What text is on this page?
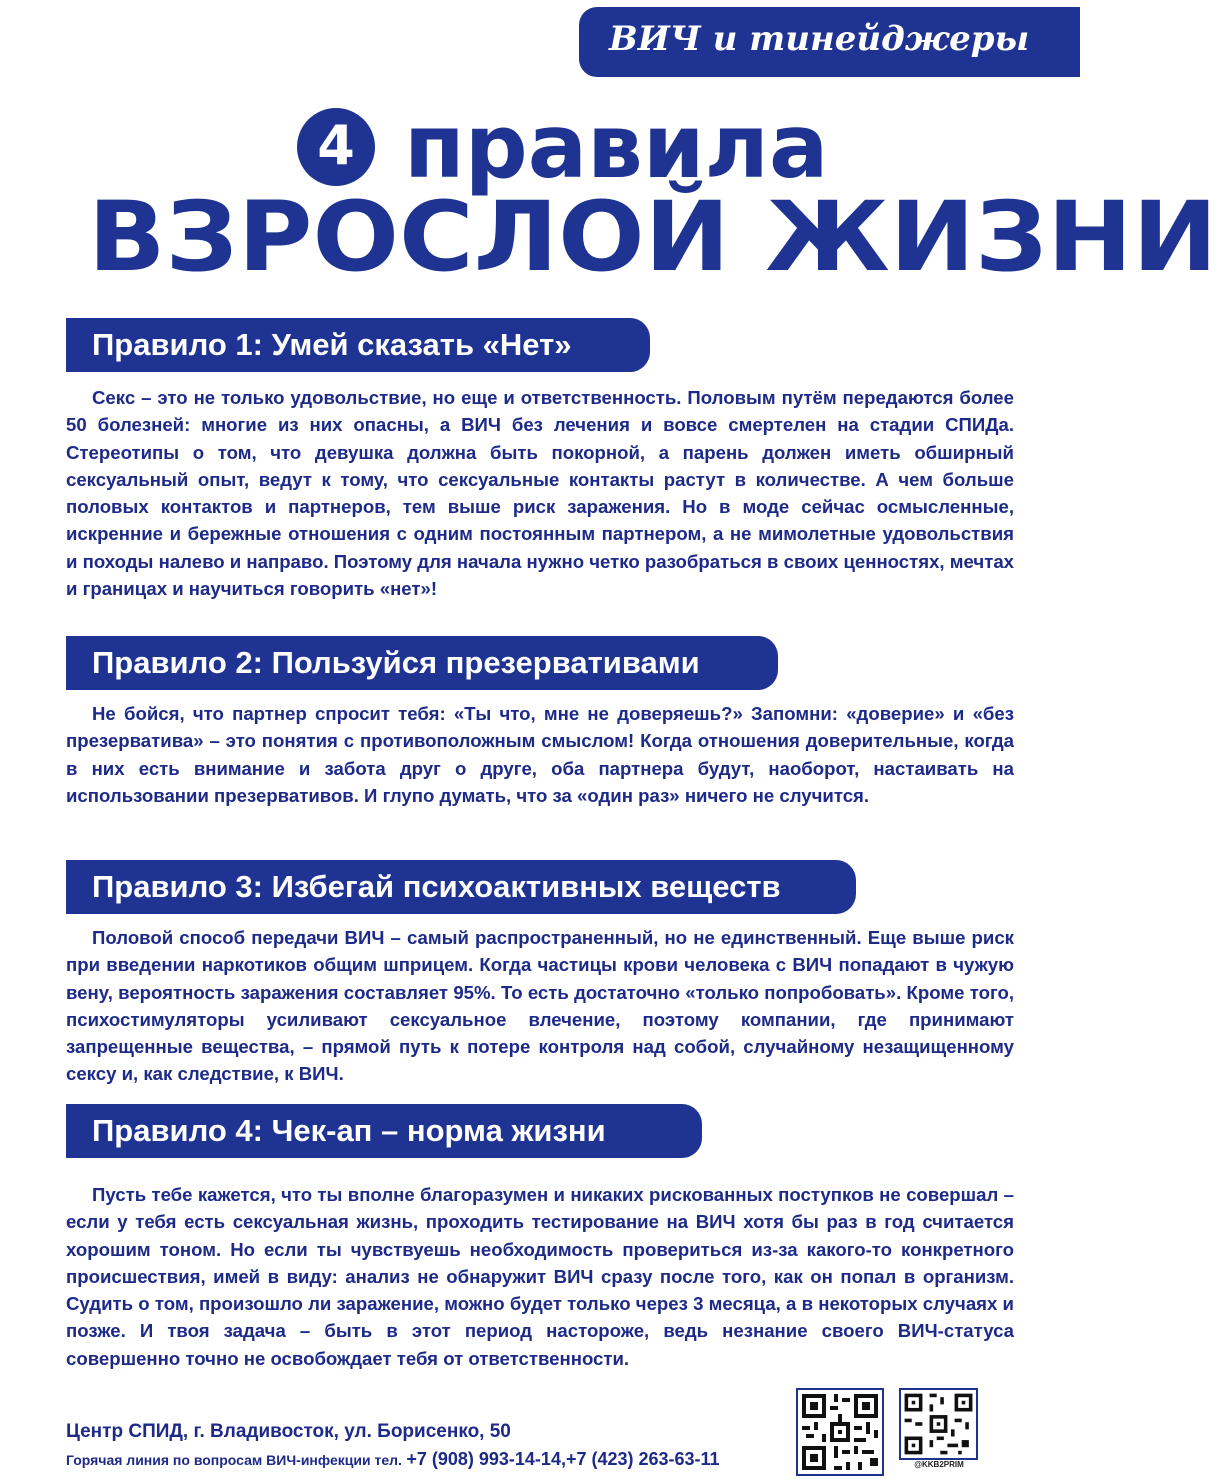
ВИЧ и тинейджеры
4 правила
ВЗРОСЛОЙ ЖИЗНИ
Правило 1: Умей сказать «Нет»
Секс – это не только удовольствие, но еще и ответственность. Половым путём передаются более 50 болезней: многие из них опасны, а ВИЧ без лечения и вовсе смертелен на стадии СПИДа. Стереотипы о том, что девушка должна быть покорной, а парень должен иметь обширный сексуальный опыт, ведут к тому, что сексуальные контакты растут в количестве. А чем больше половых контактов и партнеров, тем выше риск заражения. Но в моде сейчас осмысленные, искренние и бережные отношения с одним постоянным партнером, а не мимолетные удовольствия и походы налево и направо. Поэтому для начала нужно четко разобраться в своих ценностях, мечтах и границах и научиться говорить «нет»!
Правило 2: Пользуйся презервативами
Не бойся, что партнер спросит тебя: «Ты что, мне не доверяешь?» Запомни: «доверие» и «без презерватива» – это понятия с противоположным смыслом! Когда отношения доверительные, когда в них есть внимание и забота друг о друге, оба партнера будут, наоборот, настаивать на использовании презервативов. И глупо думать, что за «один раз» ничего не случится.
Правило 3: Избегай психоактивных веществ
Половой способ передачи ВИЧ – самый распространенный, но не единственный. Еще выше риск при введении наркотиков общим шприцем. Когда частицы крови человека с ВИЧ попадают в чужую вену, вероятность заражения составляет 95%. То есть достаточно «только попробовать». Кроме того, психостимуляторы усиливают сексуальное влечение, поэтому компании, где принимают запрещенные вещества, – прямой путь к потере контроля над собой, случайному незащищенному сексу и, как следствие, к ВИЧ.
Правило 4: Чек-ап – норма жизни
Пусть тебе кажется, что ты вполне благоразумен и никаких рискованных поступков не совершал – если у тебя есть сексуальная жизнь, проходить тестирование на ВИЧ хотя бы раз в год считается хорошим тоном. Но если ты чувствуешь необходимость провериться из-за какого-то конкретного происшествия, имей в виду: анализ не обнаружит ВИЧ сразу после того, как он попал в организм. Судить о том, произошло ли заражение, можно будет только через 3 месяца, а в некоторых случаях и позже. И твоя задача – быть в этот период настороже, ведь незнание своего ВИЧ-статуса совершенно точно не освобождает тебя от ответственности.
Центр СПИД, г. Владивосток, ул. Борисенко, 50
Горячая линия по вопросам ВИЧ-инфекции тел. +7 (908) 993-14-14,+7 (423) 263-63-11	@KKB2PRIM
